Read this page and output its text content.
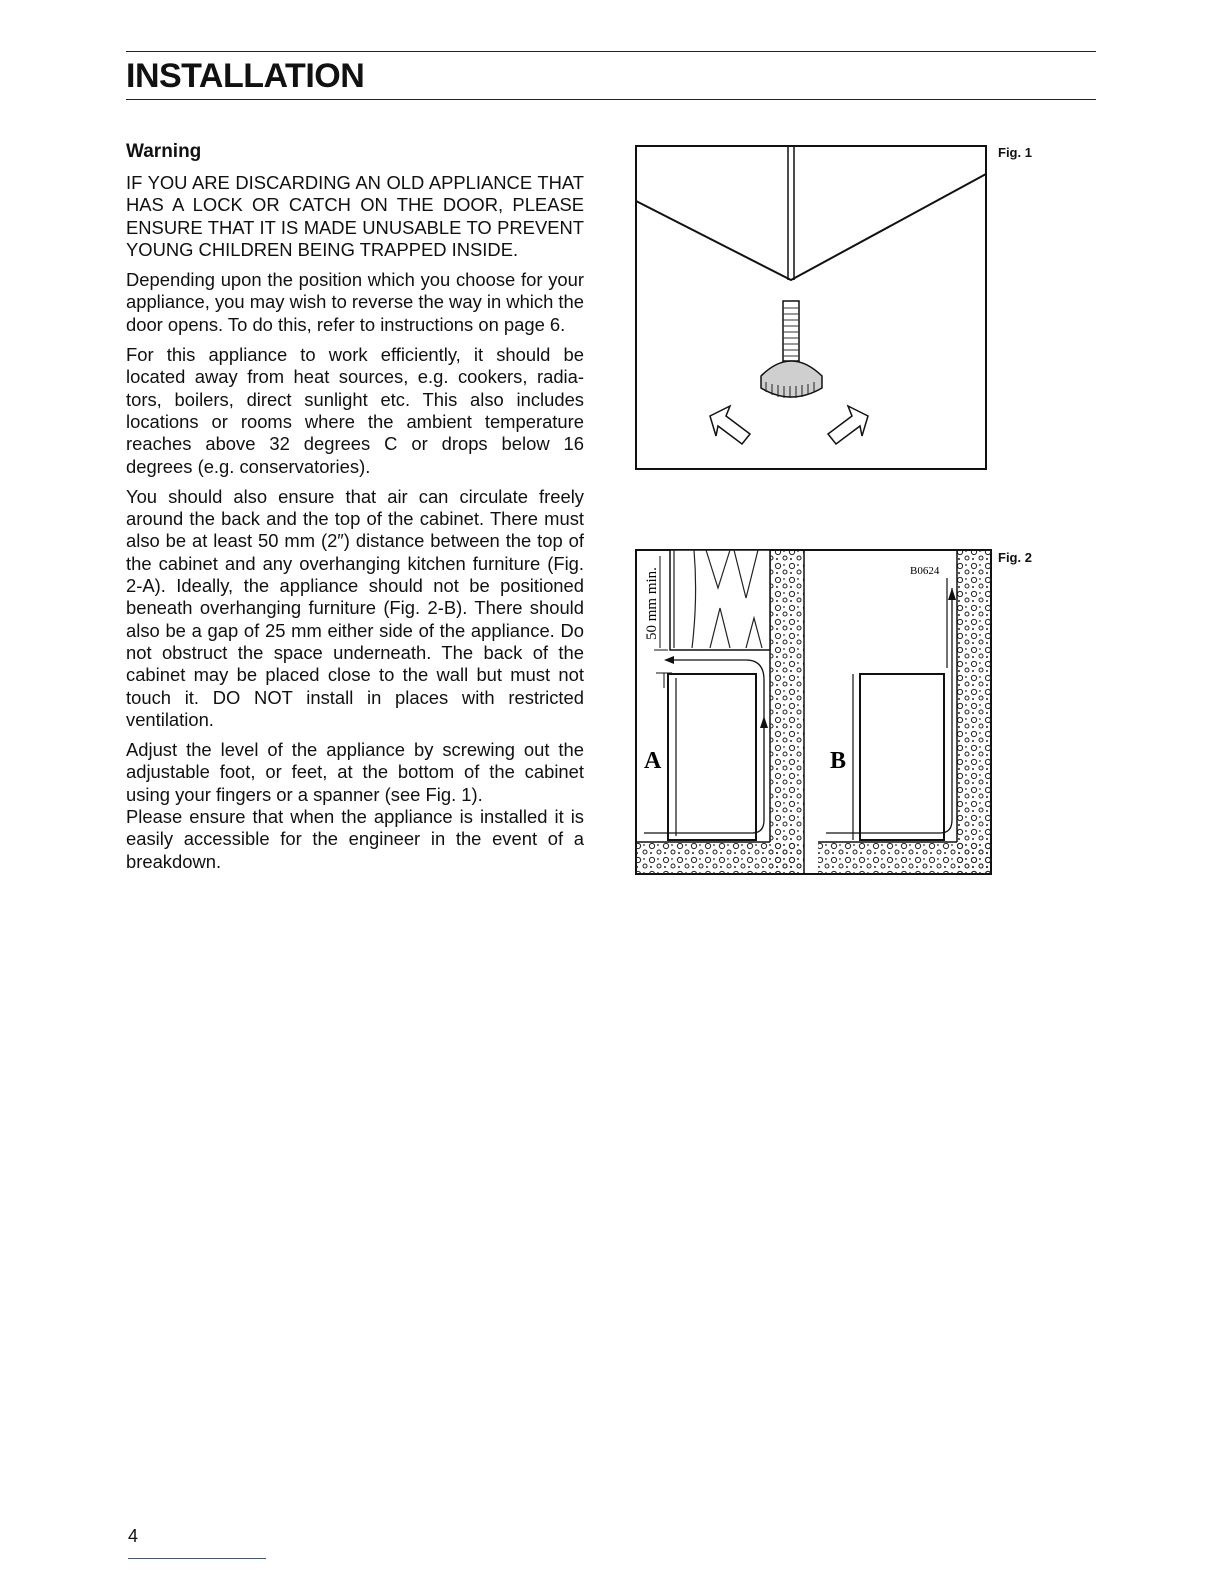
INSTALLATION
Warning

IF YOU ARE DISCARDING AN OLD APPLIANCE THAT HAS A LOCK OR CATCH ON THE DOOR, PLEASE ENSURE THAT IT IS MADE UNUSABLE TO PREVENT YOUNG CHILDREN BEING TRAPPED INSIDE.

Depending upon the position which you choose for your appliance, you may wish to reverse the way in which the door opens. To do this, refer to instructions on page 6.

For this appliance to work efficiently, it should be located away from heat sources, e.g. cookers, radia-tors, boilers, direct sunlight etc. This also includes locations or rooms where the ambient temperature reaches above 32 degrees C or drops below 16 degrees (e.g. conservatories).

You should also ensure that air can circulate freely around the back and the top of the cabinet. There must also be at least 50 mm (2″) distance between the top of the cabinet and any overhanging kitchen furniture (Fig. 2-A). Ideally, the appliance should not be positioned beneath overhanging furniture (Fig. 2-B). There should also be a gap of 25 mm either side of the appliance. Do not obstruct the space underneath. The back of the cabinet may be placed close to the wall but must not touch it. DO NOT install in places with restricted ventilation.

Adjust the level of the appliance by screwing out the adjustable foot, or feet, at the bottom of the cabinet using your fingers or a spanner (see Fig. 1).

Please ensure that when the appliance is installed it is easily accessible for the engineer in the event of a breakdown.

Fig. 1
50 mm min.
A	B
B0624
Fig. 2
4
